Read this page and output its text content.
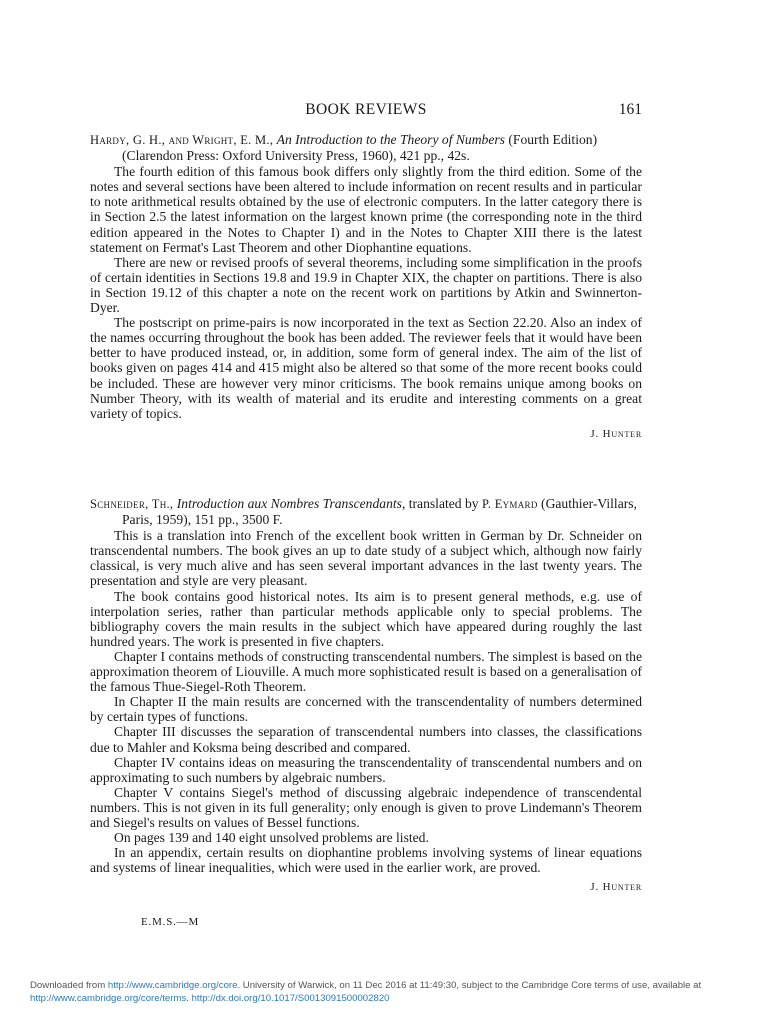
BOOK REVIEWS	161

Hardy, G. H., and Wright, E. M., An Introduction to the Theory of Numbers (Fourth Edition) (Clarendon Press: Oxford University Press, 1960), 421 pp., 42s.

The fourth edition of this famous book differs only slightly from the third edition. Some of the notes and several sections have been altered to include information on recent results and in particular to note arithmetical results obtained by the use of electronic computers. In the latter category there is in Section 2.5 the latest information on the largest known prime (the corresponding note in the third edition appeared in the Notes to Chapter I) and in the Notes to Chapter XIII there is the latest statement on Fermat's Last Theorem and other Diophantine equations.

There are new or revised proofs of several theorems, including some simplification in the proofs of certain identities in Sections 19.8 and 19.9 in Chapter XIX, the chapter on partitions. There is also in Section 19.12 of this chapter a note on the recent work on partitions by Atkin and Swinnerton-Dyer.

The postscript on prime-pairs is now incorporated in the text as Section 22.20. Also an index of the names occurring throughout the book has been added. The reviewer feels that it would have been better to have produced instead, or, in addition, some form of general index. The aim of the list of books given on pages 414 and 415 might also be altered so that some of the more recent books could be included. These are however very minor criticisms. The book remains unique among books on Number Theory, with its wealth of material and its erudite and interesting comments on a great variety of topics.

J. Hunter

Schneider, Th., Introduction aux Nombres Transcendants, translated by P. Eymard (Gauthier-Villars, Paris, 1959), 151 pp., 3500 F.

This is a translation into French of the excellent book written in German by Dr. Schneider on transcendental numbers. The book gives an up to date study of a subject which, although now fairly classical, is very much alive and has seen several important advances in the last twenty years. The presentation and style are very pleasant.

The book contains good historical notes. Its aim is to present general methods, e.g. use of interpolation series, rather than particular methods applicable only to special problems. The bibliography covers the main results in the subject which have appeared during roughly the last hundred years. The work is presented in five chapters.

Chapter I contains methods of constructing transcendental numbers. The simplest is based on the approximation theorem of Liouville. A much more sophisticated result is based on a generalisation of the famous Thue-Siegel-Roth Theorem.

In Chapter II the main results are concerned with the transcendentality of numbers determined by certain types of functions.

Chapter III discusses the separation of transcendental numbers into classes, the classifications due to Mahler and Koksma being described and compared.

Chapter IV contains ideas on measuring the transcendentality of transcendental numbers and on approximating to such numbers by algebraic numbers.

Chapter V contains Siegel's method of discussing algebraic independence of transcendental numbers. This is not given in its full generality; only enough is given to prove Lindemann's Theorem and Siegel's results on values of Bessel functions.

On pages 139 and 140 eight unsolved problems are listed.

In an appendix, certain results on diophantine problems involving systems of linear equations and systems of linear inequalities, which were used in the earlier work, are proved.

J. Hunter
E.M.S.—M
Downloaded from http://www.cambridge.org/core. University of Warwick, on 11 Dec 2016 at 11:49:30, subject to the Cambridge Core terms of use, available at http://www.cambridge.org/core/terms. http://dx.doi.org/10.1017/S0013091500002820
